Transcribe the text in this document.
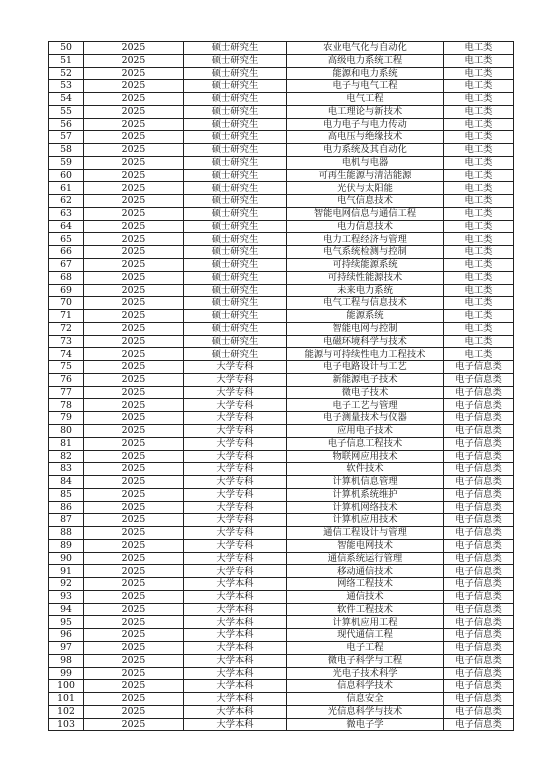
50	2025	硕士研究生	农业电气化与自动化	电工类
51	2025	硕士研究生	高级电力系统工程	电工类
52	2025	硕士研究生	能源和电力系统	电工类
53	2025	硕士研究生	电子与电气工程	电工类
54	2025	硕士研究生	电气工程	电工类
55	2025	硕士研究生	电工理论与新技术	电工类
56	2025	硕士研究生	电力电子与电力传动	电工类
57	2025	硕士研究生	高电压与绝缘技术	电工类
58	2025	硕士研究生	电力系统及其自动化	电工类
59	2025	硕士研究生	电机与电器	电工类
60	2025	硕士研究生	可再生能源与清洁能源	电工类
61	2025	硕士研究生	光伏与太阳能	电工类
62	2025	硕士研究生	电气信息技术	电工类
63	2025	硕士研究生	智能电网信息与通信工程	电工类
64	2025	硕士研究生	电力信息技术	电工类
65	2025	硕士研究生	电力工程经济与管理	电工类
66	2025	硕士研究生	电气系统检测与控制	电工类
67	2025	硕士研究生	可持续能源系统	电工类
68	2025	硕士研究生	可持续性能源技术	电工类
69	2025	硕士研究生	未来电力系统	电工类
70	2025	硕士研究生	电气工程与信息技术	电工类
71	2025	硕士研究生	能源系统	电工类
72	2025	硕士研究生	智能电网与控制	电工类
73	2025	硕士研究生	电磁环境科学与技术	电工类
74	2025	硕士研究生	能源与可持续性电力工程技术	电工类
75	2025	大学专科	电子电路设计与工艺	电子信息类
76	2025	大学专科	新能源电子技术	电子信息类
77	2025	大学专科	微电子技术	电子信息类
78	2025	大学专科	电子工艺与管理	电子信息类
79	2025	大学专科	电子测量技术与仪器	电子信息类
80	2025	大学专科	应用电子技术	电子信息类
81	2025	大学专科	电子信息工程技术	电子信息类
82	2025	大学专科	物联网应用技术	电子信息类
83	2025	大学专科	软件技术	电子信息类
84	2025	大学专科	计算机信息管理	电子信息类
85	2025	大学专科	计算机系统维护	电子信息类
86	2025	大学专科	计算机网络技术	电子信息类
87	2025	大学专科	计算机应用技术	电子信息类
88	2025	大学专科	通信工程设计与管理	电子信息类
89	2025	大学专科	智能电网技术	电子信息类
90	2025	大学专科	通信系统运行管理	电子信息类
91	2025	大学专科	移动通信技术	电子信息类
92	2025	大学本科	网络工程技术	电子信息类
93	2025	大学本科	通信技术	电子信息类
94	2025	大学本科	软件工程技术	电子信息类
95	2025	大学本科	计算机应用工程	电子信息类
96	2025	大学本科	现代通信工程	电子信息类
97	2025	大学本科	电子工程	电子信息类
98	2025	大学本科	微电子科学与工程	电子信息类
99	2025	大学本科	光电子技术科学	电子信息类
100	2025	大学本科	信息科学技术	电子信息类
101	2025	大学本科	信息安全	电子信息类
102	2025	大学本科	光信息科学与技术	电子信息类
103	2025	大学本科	微电子学	电子信息类
